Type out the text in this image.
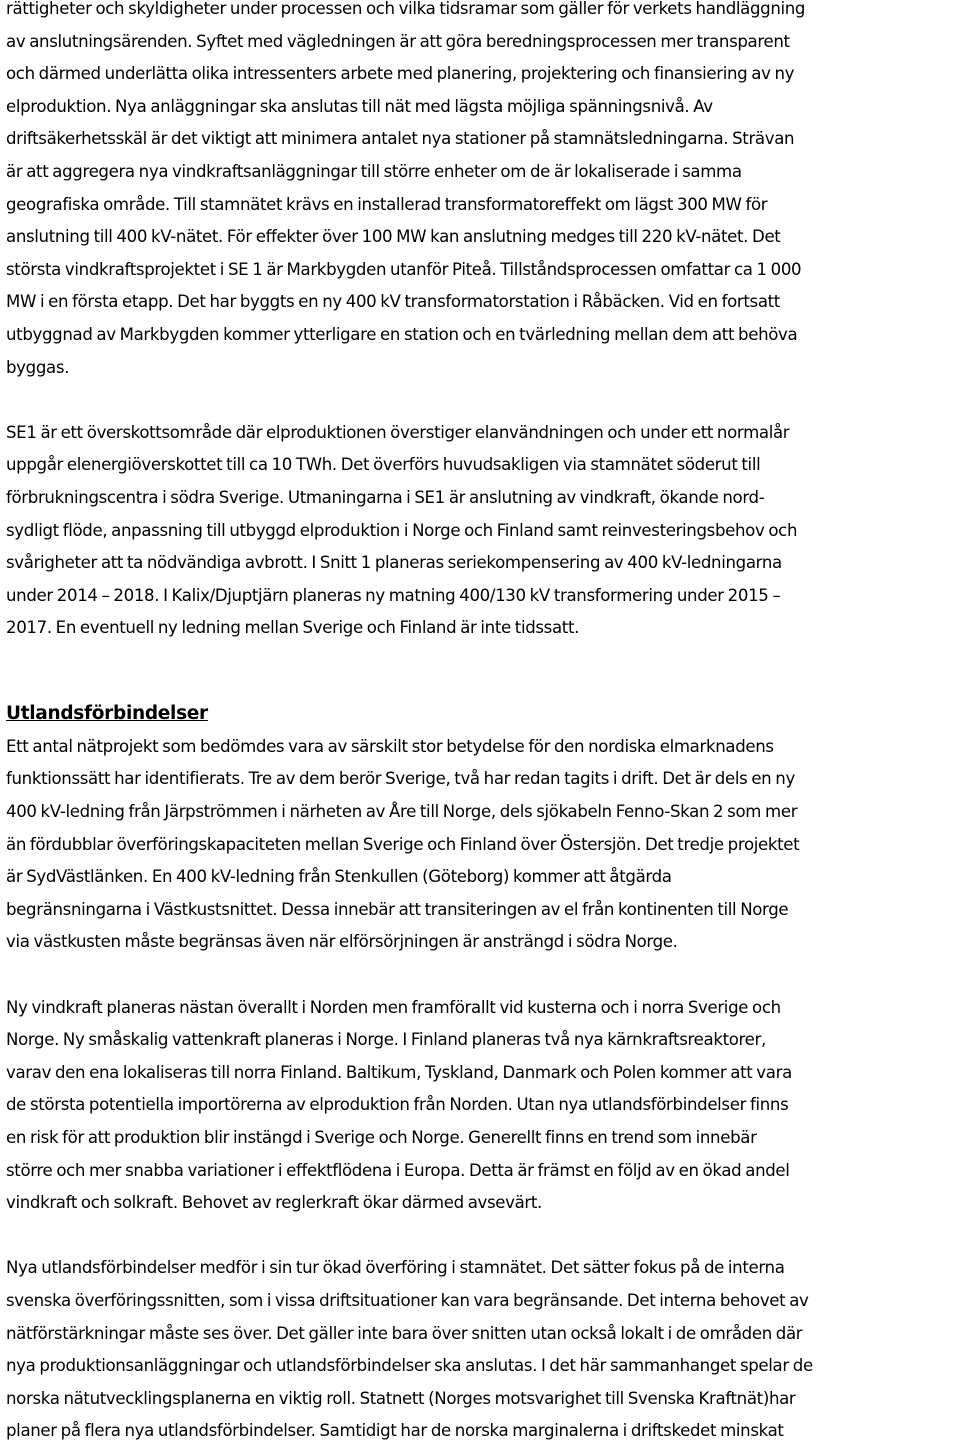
rättigheter och skyldigheter under processen och vilka tidsramar som gäller för verkets handläggning
av anslutningsärenden. Syftet med vägledningen är att göra beredningsprocessen mer transparent
och därmed underlätta olika intressenters arbete med planering, projektering och finansiering av ny
elproduktion. Nya anläggningar ska anslutas till nät med lägsta möjliga spänningsnivå. Av
driftsäkerhetsskäl är det viktigt att minimera antalet nya stationer på stamnätsledningarna. Strävan
är att aggregera nya vindkraftsanläggningar till större enheter om de är lokaliserade i samma
geografiska område. Till stamnätet krävs en installerad transformatoreffekt om lägst 300 MW för
anslutning till 400 kV-nätet. För effekter över 100 MW kan anslutning medges till 220 kV-nätet. Det
största vindkraftsprojektet i SE 1 är Markbygden utanför Piteå. Tillståndsprocessen omfattar ca 1 000
MW i en första etapp. Det har byggts en ny 400 kV transformatorstation i Råbäcken. Vid en fortsatt
utbyggnad av Markbygden kommer ytterligare en station och en tvärledning mellan dem att behöva
byggas.
SE1 är ett överskottsområde där elproduktionen överstiger elanvändningen och under ett normalår
uppgår elenergiöverskottet till ca 10 TWh. Det överförs huvudsakligen via stamnätet söderut till
förbrukningscentra i södra Sverige. Utmaningarna i SE1 är anslutning av vindkraft, ökande nord-
sydligt flöde, anpassning till utbyggd elproduktion i Norge och Finland samt reinvesteringsbehov och
svårigheter att ta nödvändiga avbrott. I Snitt 1 planeras seriekompensering av 400 kV-ledningarna
under 2014 – 2018. I Kalix/Djuptjärn planeras ny matning 400/130 kV transformering under 2015 –
2017. En eventuell ny ledning mellan Sverige och Finland är inte tidssatt.
Utlandsförbindelser
Ett antal nätprojekt som bedömdes vara av särskilt stor betydelse för den nordiska elmarknadens
funktionssätt har identifierats. Tre av dem berör Sverige, två har redan tagits i drift. Det är dels en ny
400 kV-ledning från Järpströmmen i närheten av Åre till Norge, dels sjökabeln Fenno-Skan 2 som mer
än fördubblar överföringskapaciteten mellan Sverige och Finland över Östersjön. Det tredje projektet
är SydVästlänken. En 400 kV-ledning från Stenkullen (Göteborg) kommer att åtgärda
begränsningarna i Västkustsnittet. Dessa innebär att transiteringen av el från kontinenten till Norge
via västkusten måste begränsas även när elförsörjningen är ansträngd i södra Norge.
Ny vindkraft planeras nästan överallt i Norden men framförallt vid kusterna och i norra Sverige och
Norge. Ny småskalig vattenkraft planeras i Norge. I Finland planeras två nya kärnkraftsreaktorer,
varav den ena lokaliseras till norra Finland. Baltikum, Tyskland, Danmark och Polen kommer att vara
de största potentiella importörerna av elproduktion från Norden. Utan nya utlandsförbindelser finns
en risk för att produktion blir instängd i Sverige och Norge. Generellt finns en trend som innebär
större och mer snabba variationer i effektflödena i Europa. Detta är främst en följd av en ökad andel
vindkraft och solkraft. Behovet av reglerkraft ökar därmed avsevärt.
Nya utlandsförbindelser medför i sin tur ökad överföring i stamnätet. Det sätter fokus på de interna
svenska överföringssnitten, som i vissa driftsituationer kan vara begränsande. Det interna behovet av
nätförstärkningar måste ses över. Det gäller inte bara över snitten utan också lokalt i de områden där
nya produktionsanläggningar och utlandsförbindelser ska anslutas. I det här sammanhanget spelar de
norska nätutvecklingsplanerna en viktig roll. Statnett (Norges motsvarighet till Svenska Kraftnät)har
planer på flera nya utlandsförbindelser. Samtidigt har de norska marginalerna i driftskedet minskat
